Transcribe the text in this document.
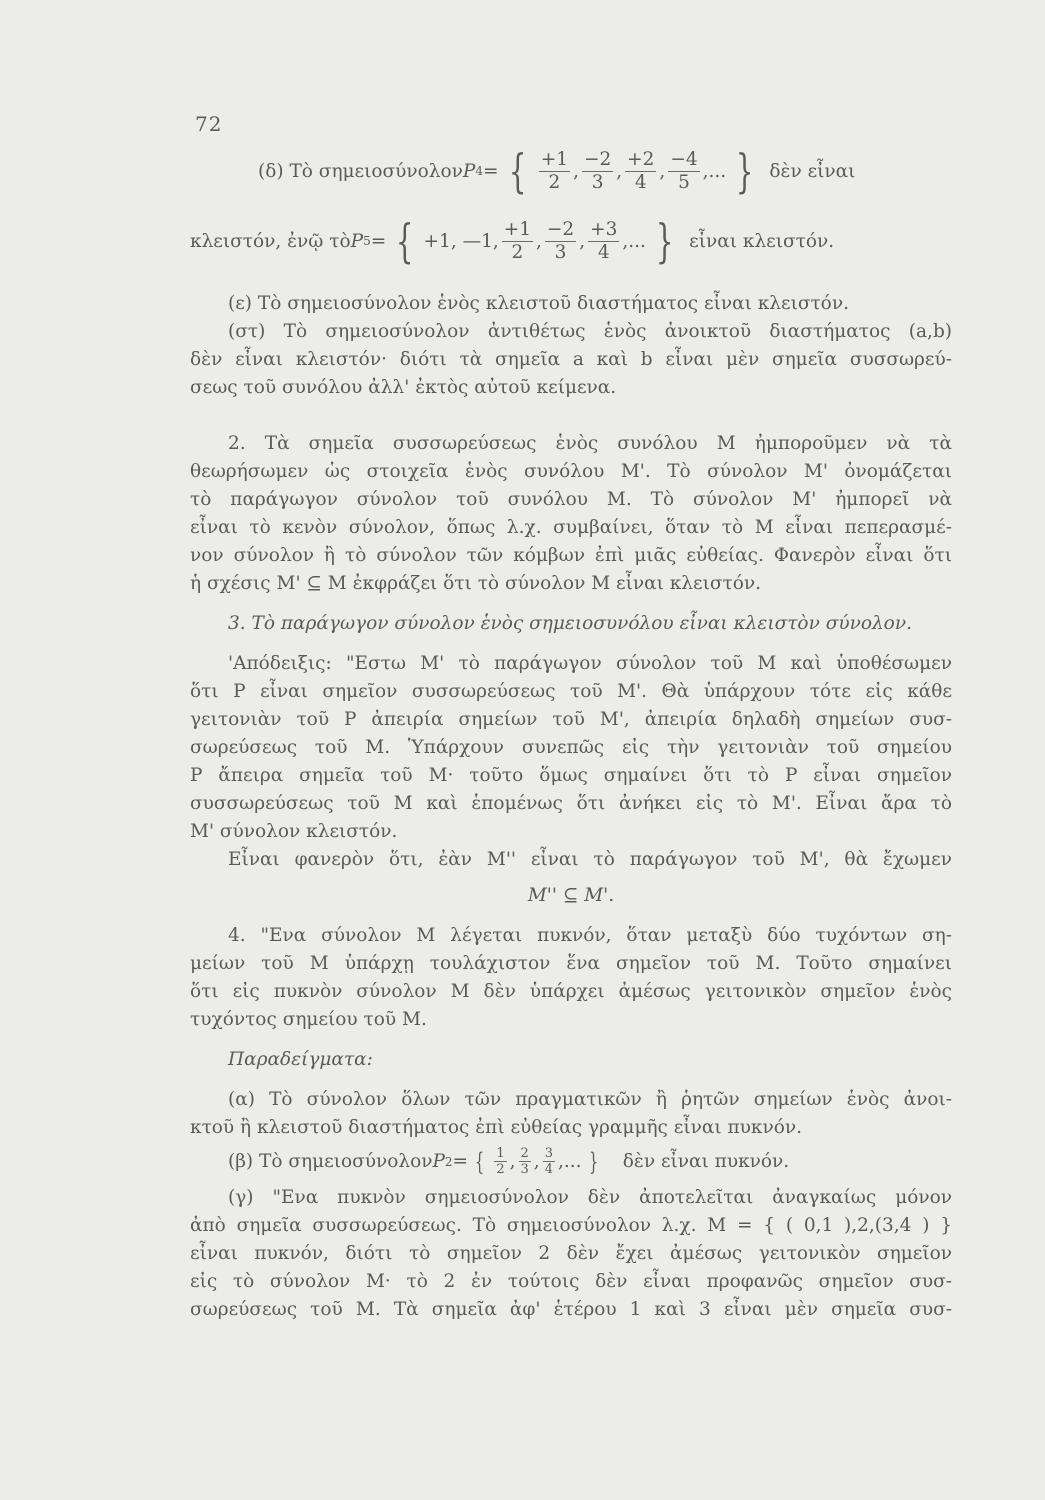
72
(δ) Τὸ σημειοσύνολον P 4 = { $\frac{+1}{2}$ , $\frac{-2}{3}$ , $\frac{+2}{4}$ , $\frac{-4}{5}$ ,... } δὲν εἶναι
κλειστόν, ἐνῷ τὸ P 5 = { +1, —1, $\frac{+1}{2}$ , $\frac{-2}{3}$ , $\frac{+3}{4}$ ,... } εἶναι κλειστόν.
(ε) Τὸ σημειοσύνολον ἑνὸς κλειστοῦ διαστήματος εἶναι κλειστόν.
(στ) Τὸ σημειοσύνολον ἀντιθέτως ἑνὸς ἀνοικτοῦ διαστήματος (a,b)
δὲν εἶναι κλειστόν· διότι τὰ σημεῖα a καὶ b εἶναι μὲν σημεῖα συσσωρεύ-
σεως τοῦ συνόλου ἀλλ' ἐκτὸς αὐτοῦ κείμενα.
2. Τὰ σημεῖα συσσωρεύσεως ἑνὸς συνόλου M ἠμποροῦμεν νὰ τὰ
θεωρήσωμεν ὡς στοιχεῖα ἑνὸς συνόλου M'. Τὸ σύνολον M' ὀνομάζεται
τὸ παράγωγον σύνολον τοῦ συνόλου M. Τὸ σύνολον M' ἠμπορεῖ νὰ
εἶναι τὸ κενὸν σύνολον, ὅπως λ.χ. συμβαίνει, ὅταν τὸ M εἶναι πεπερασμέ-
νον σύνολον ἢ τὸ σύνολον τῶν κόμβων ἐπὶ μιᾶς εὐθείας. Φανερὸν εἶναι ὅτι
ἡ σχέσις M' ⊆ M ἐκφράζει ὅτι τὸ σύνολον M εἶναι κλειστόν.
3. Τὸ παράγωγον σύνολον ἑνὸς σημειοσυνόλου εἶναι κλειστὸν σύνολον.
'Απόδειξις: "Εστω M' τὸ παράγωγον σύνολον τοῦ M καὶ ὑποθέσωμεν
ὅτι P εἶναι σημεῖον συσσωρεύσεως τοῦ M'. Θὰ ὑπάρχουν τότε εἰς κάθε
γειτονιὰν τοῦ P ἀπειρία σημείων τοῦ M', ἀπειρία δηλαδὴ σημείων συσ-
σωρεύσεως τοῦ M. Ὑπάρχουν συνεπῶς εἰς τὴν γειτονιὰν τοῦ σημείου
P ἄπειρα σημεῖα τοῦ M· τοῦτο ὅμως σημαίνει ὅτι τὸ P εἶναι σημεῖον
συσσωρεύσεως τοῦ M καὶ ἑπομένως ὅτι ἀνήκει εἰς τὸ M'. Εἶναι ἄρα τὸ
M' σύνολον κλειστόν.
Εἶναι φανερὸν ὅτι, ἐὰν M'' εἶναι τὸ παράγωγον τοῦ M', θὰ ἔχωμεν
M'' ⊆ M'.
4. "Ενα σύνολον M λέγεται πυκνόν, ὅταν μεταξὺ δύο τυχόντων ση-
μείων τοῦ M ὑπάρχῃ τουλάχιστον ἕνα σημεῖον τοῦ M. Τοῦτο σημαίνει
ὅτι εἰς πυκνὸν σύνολον M δὲν ὑπάρχει ἀμέσως γειτονικὸν σημεῖον ἑνὸς
τυχόντος σημείου τοῦ M.
Παραδείγματα:
(α) Τὸ σύνολον ὅλων τῶν πραγματικῶν ἢ ῥητῶν σημείων ἑνὸς ἀνοι-
κτοῦ ἢ κλειστοῦ διαστήματος ἐπὶ εὐθείας γραμμῆς εἶναι πυκνόν.
(β) Τὸ σημειοσύνολον P 2 = { $\frac{1}{2}$ , $\frac{2}{3}$ , $\frac{3}{4}$ ,... } δὲν εἶναι πυκνόν.
(γ) "Ενα πυκνὸν σημειοσύνολον δὲν ἀποτελεῖται ἀναγκαίως μόνον
ἀπὸ σημεῖα συσσωρεύσεως. Τὸ σημειοσύνολον λ.χ. M = { ( 0,1 ),2,(3,4 ) }
εἶναι πυκνόν, διότι τὸ σημεῖον 2 δὲν ἔχει ἀμέσως γειτονικὸν σημεῖον
εἰς τὸ σύνολον M· τὸ 2 ἐν τούτοις δὲν εἶναι προφανῶς σημεῖον συσ-
σωρεύσεως τοῦ M. Τὰ σημεῖα ἀφ' ἑτέρου 1 καὶ 3 εἶναι μὲν σημεῖα συσ-
